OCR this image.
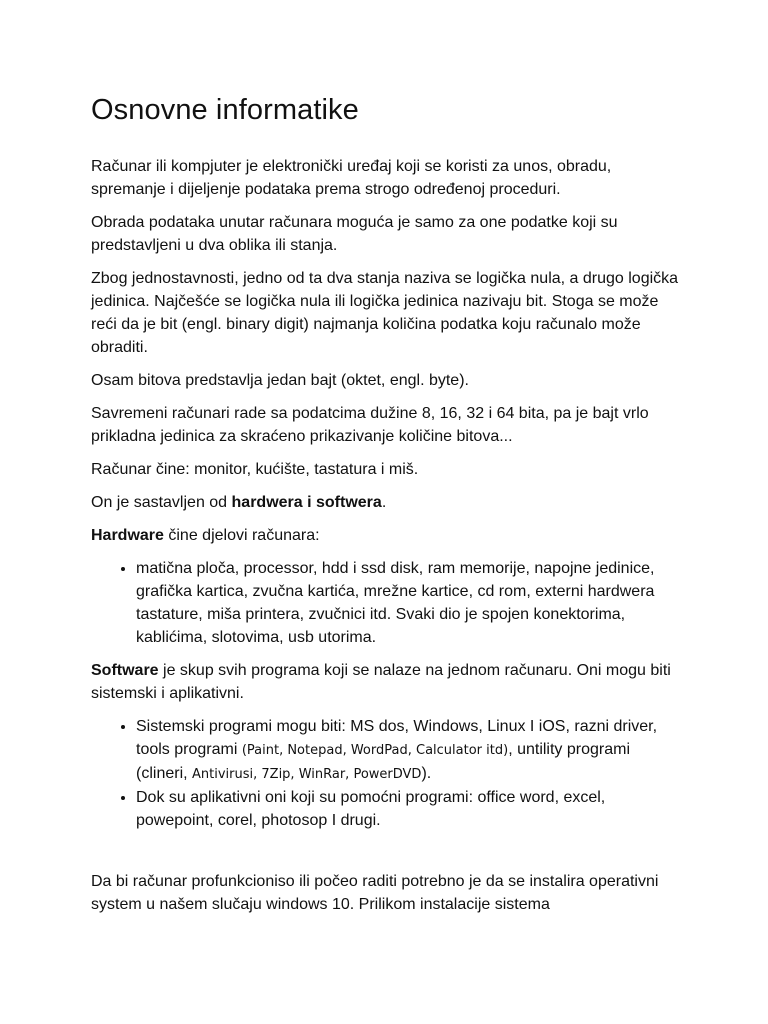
Osnovne informatike

Računar ili kompjuter je elektronički uređaj koji se koristi za unos, obradu, spremanje i dijeljenje podataka prema strogo određenoj proceduri.

Obrada podataka unutar računara moguća je samo za one podatke koji su predstavljeni u dva oblika ili stanja.

Zbog jednostavnosti, jedno od ta dva stanja naziva se logička nula, a drugo logička jedinica. Najčešće se logička nula ili logička jedinica nazivaju bit. Stoga se može reći da je bit (engl. binary digit) najmanja količina podatka koju računalo može obraditi.

Osam bitova predstavlja jedan bajt (oktet, engl. byte).

Savremeni računari rade sa podatcima dužine 8, 16, 32 i 64 bita, pa je bajt vrlo prikladna jedinica za skraćeno prikazivanje količine bitova...

Računar čine: monitor, kućište, tastatura i miš.

On je sastavljen od hardwera i softwera.

Hardware čine djelovi računara:

• matična ploča, processor, hdd i ssd disk, ram memorije, napojne jedinice, grafička kartica, zvučna kartića, mrežne kartice, cd rom, externi hardwera tastature, miša printera, zvučnici itd. Svaki dio je spojen konektorima, kablićima, slotovima, usb utorima.

Software je skup svih programa koji se nalaze na jednom računaru. Oni mogu biti sistemski i aplikativni.

• Sistemski programi mogu biti: MS dos, Windows, Linux I iOS, razni driver, tools programi (Paint, Notepad, WordPad, Calculator itd), untility programi (clineri, Antivirusi, 7Zip, WinRar, PowerDVD).
• Dok su aplikativni oni koji su pomoćni programi: office word, excel, powepoint, corel, photosop I drugi.

Da bi računar profunkcioniso ili počeo raditi potrebno je da se instalira operativni system u našem slučaju windows 10. Prilikom instalacije sistema
